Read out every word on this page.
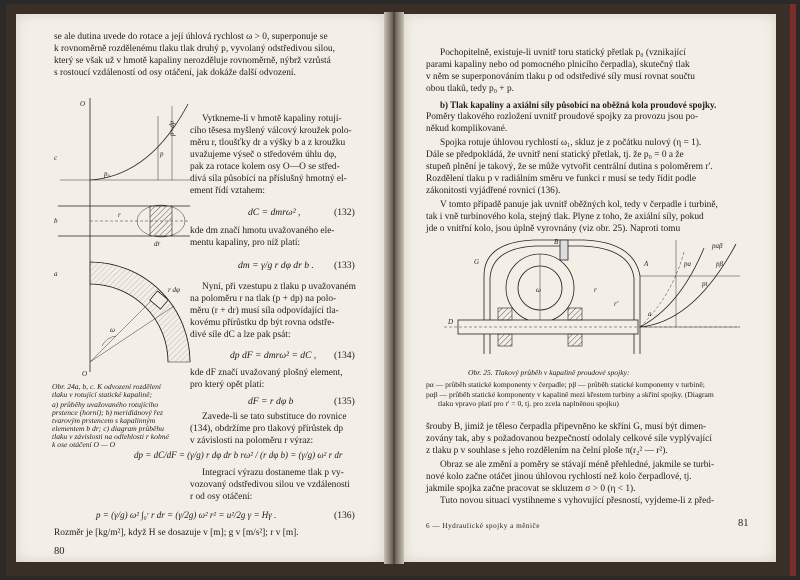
se ale dutina uvede do rotace a její úhlová rychlost ω > 0, superponuje se
k rovnoměrně rozdělenému tlaku tlak druhý p, vyvolaný odstředivou silou,
který se však už v hmotě kapaliny nerozděluje rovnoměrně, nýbrž vzrůstá
s rostoucí vzdáleností od osy otáčení, jak dokáže další odvození.
O
O
c
p₀
p+dp
p
b
r
dr
a
ω
r dφ
Vytkneme-li v hmotě kapaliny rotují-
cího těsesa myšlený válcový kroužek polo-
měru r, tloušťky dr a výšky b a z kroužku
uvažujeme výseč o středovém úhlu dφ,
pak za rotace kolem osy O—O se střed-
divá síla působící na příslušný hmotný el-
ement řídí vztahem:
dC = dmrω² ,	(132)
kde dm značí hmotu uvažovaného ele-
mentu kapaliny, pro níž platí:
dm = γ/g r dφ dr b . (133)
Nyní, při vzestupu z tlaku p uvažovaném
na poloměru r na tlak (p + dp) na polo-
měru (r + dr) musí síla odpovídající tla-
kovému přírůstku dp být rovna odstře-
divé síle dC a lze pak psát:
dp dF = dmrω² = dC , (134)
kde dF značí uvažovaný plošný element,
pro který opět platí:
dF = r dφ b	(135)
Zavede-li se tato substituce do rovnice
(134), obdržíme pro tlakový přírůstek dp
v závislosti na poloměru r výraz:
Obr. 24a, b, c. K odvození rozdělení
tlaku v rotující statické kapalině;
a) průběhy uvažovaného rotujícího
prstence (horní); b) meridiánový řez
tvarovým prstencem s kapalinným
elementem b dr; c) diagram průběhu
tlaku v závislosti na odlehlosti r kolmé
k ose otáčení O — O
dp = dC/dF = (γ/g) r dφ dr b rω² / (r dφ b) = (γ/g) ω² r dr
Integrací výrazu dostaneme tlak p vy-
vozovaný odstředivou silou ve vzdálenosti
r od osy otáčení:
p = (γ/g) ω² ∫₀ʳ r dr = (γ/2g) ω² r² = u²/2g γ = Hγ .	(136)
Rozměr je [kg/m²], když H se dosazuje v [m]; g v [m/s²]; r v [m].
80
Pochopitelně, existuje-li uvnitř toru statický přetlak p₀ (vznikající
parami kapaliny nebo od pomocného plnicího čerpadla), skutečný tlak
v něm se superponováním tlaku p od odstředivé síly musí rovnat součtu
obou tlaků, tedy p₀ + p.
b) Tlak kapaliny a axiální síly působící na oběžná kola proudové spojky.
Poměry tlakového rozložení uvnitř proudové spojky za provozu jsou po-
někud komplikované.
Spojka rotuje úhlovou rychlostí ω₁, skluz je z počátku nulový (η = 1).
Dále se předpokládá, že uvnitř není statický přetlak, tj. že p₀ = 0 a že
stupeň plnění je takový, že se může vytvořit centrální dutina s poloměrem r'.
Rozdělení tlaku p v radiálním směru ve funkci r musí se tedy řídit podle
zákonitosti vyjádřené rovnicí (136).
V tomto případě panuje jak uvnitř oběžných kol, tedy v čerpadle i turbině,
tak i vně turbinového kola, stejný tlak. Plyne z toho, že axiální síly, pokud
jde o vnitřní kolo, jsou úplně vyrovnány (viz obr. 25). Naproti tomu
B
G	A
a
paβ
pa	pβ
pt
ω	r
r'
D
Obr. 25. Tlakový průběh v kapalině proudové spojky:
pα — průběh statické komponenty v čerpadle; pβ — průběh statické komponenty v turbině;
pαβ — průběh statické komponenty v kapalině mezi křestem turbiny a skříní spojky. (Diagram
tlaku vpravo platí pro r' = 0, tj. pro zcela naplněnou spojku)
šrouby B, jimiž je těleso čerpadla připevněno ke skříni G, musí být dimen-
zovány tak, aby s požadovanou bezpečností odolaly celkové síle vyplývající
z tlaku p v souhlase s jeho rozdělením na čelní ploše π(r₂² — r²).
Obraz se ale změní a poměry se stávají méně přehledné, jakmile se turbi-
nové kolo začne otáčet jinou úhlovou rychlostí než kolo čerpadlové, tj.
jakmile spojka začne pracovat se skluzem σ > 0 (η < 1).
Tuto novou situaci vystihneme s vyhovující přesností, vyjdeme-li z před-
6 — Hydraulické spojky a měniče	81
